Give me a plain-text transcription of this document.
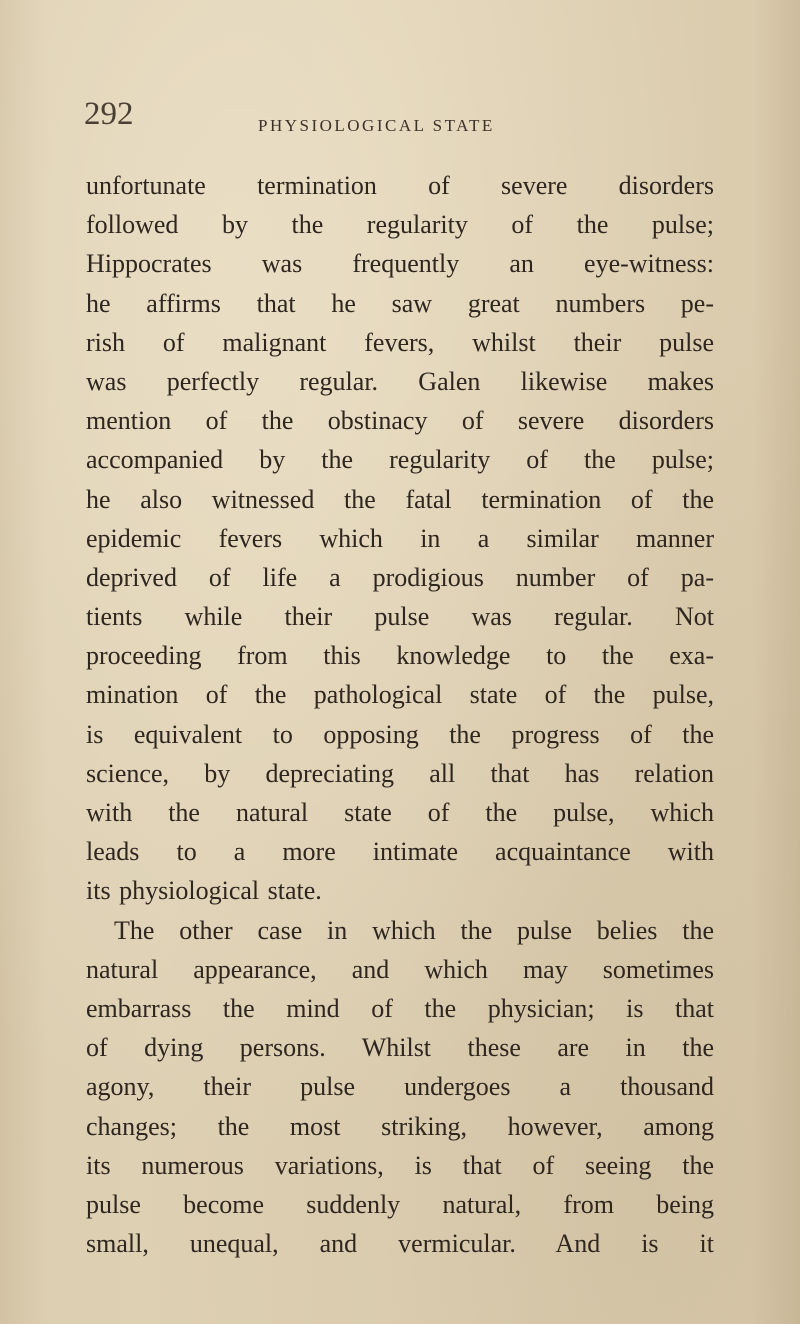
292	PHYSIOLOGICAL STATE
unfortunate termination of severe disorders
followed by the regularity of the pulse;
Hippocrates was frequently an eye-witness:
he affirms that he saw great numbers pe-
rish of malignant fevers, whilst their pulse
was perfectly regular. Galen likewise makes
mention of the obstinacy of severe disorders
accompanied by the regularity of the pulse;
he also witnessed the fatal termination of the
epidemic fevers which in a similar manner
deprived of life a prodigious number of pa-
tients while their pulse was regular. Not
proceeding from this knowledge to the exa-
mination of the pathological state of the pulse,
is equivalent to opposing the progress of the
science, by depreciating all that has relation
with the natural state of the pulse, which
leads to a more intimate acquaintance with
its physiological state.
The other case in which the pulse belies the
natural appearance, and which may sometimes
embarrass the mind of the physician; is that
of dying persons. Whilst these are in the
agony, their pulse undergoes a thousand
changes; the most striking, however, among
its numerous variations, is that of seeing the
pulse become suddenly natural, from being
small, unequal, and vermicular. And is it
